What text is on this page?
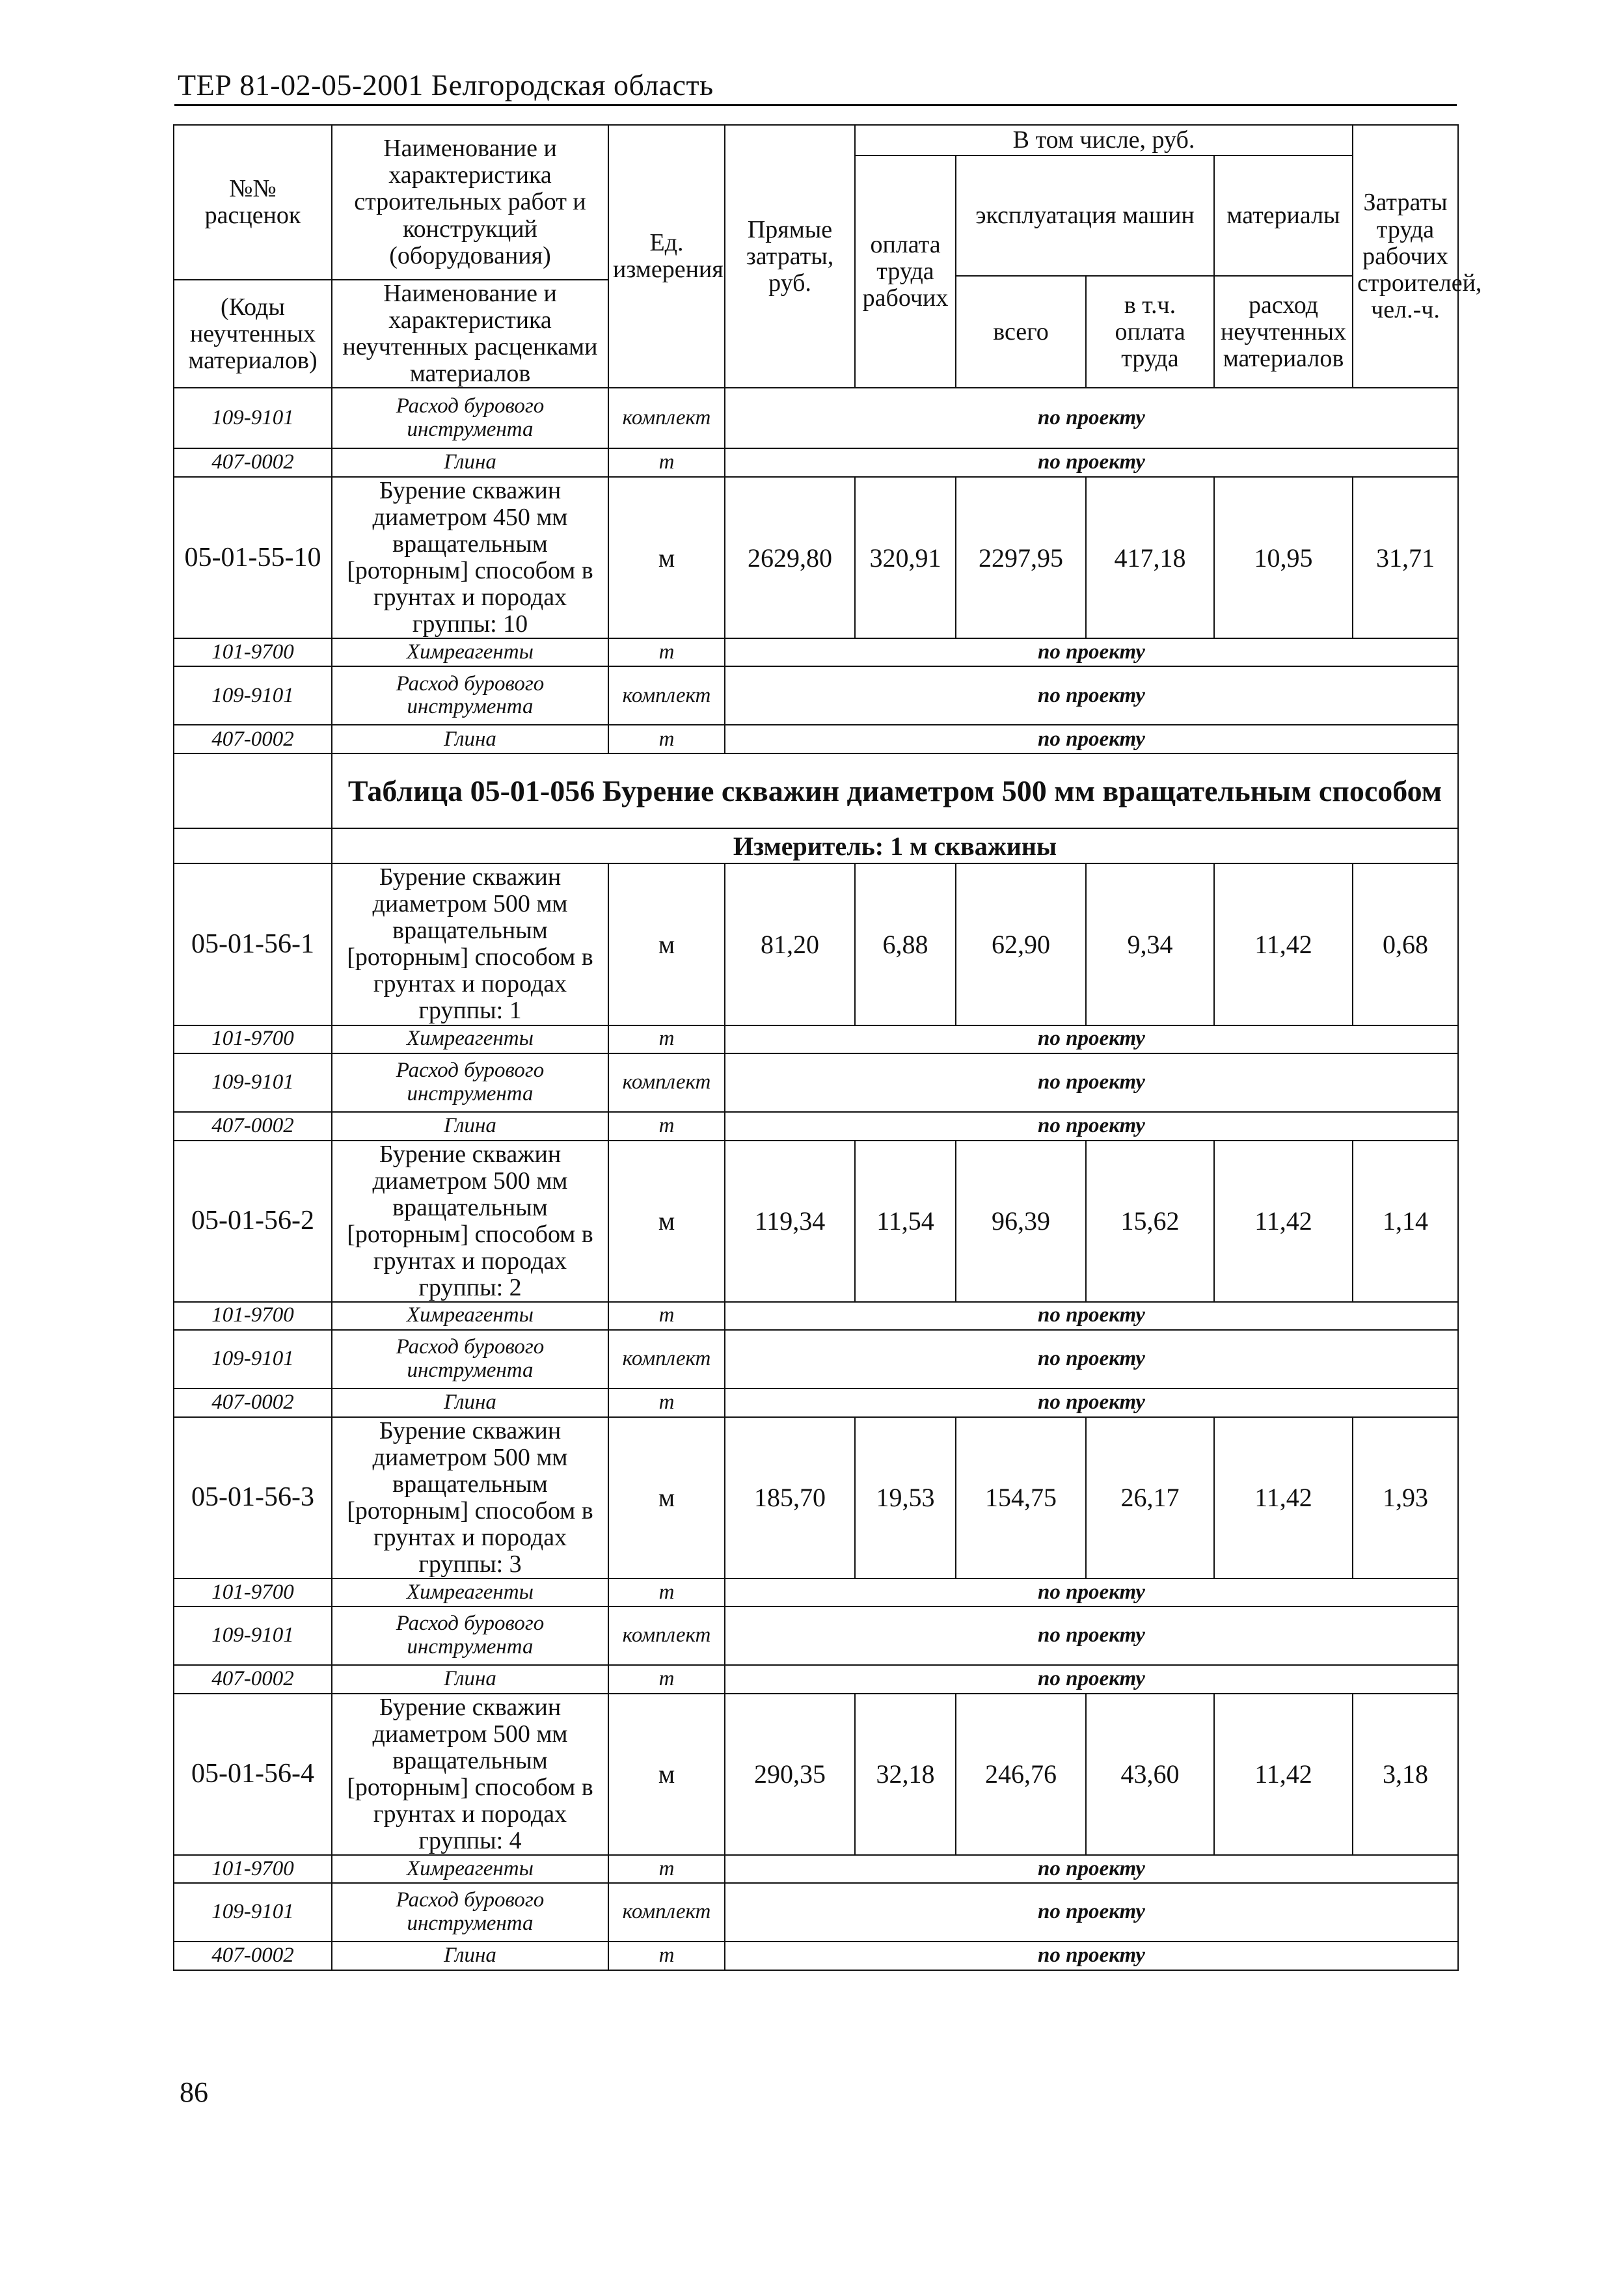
ТЕР 81-02-05-2001 Белгородская область
№№ расценок	Наименование и характеристика строительных работ и конструкций (оборудования)	Ед. измерения	Прямые затраты, руб.	В том числе, руб.				Затраты труда рабочих строителей, чел.-ч.
				оплата труда рабочих	эксплуатация машин		материалы	
					всего	в т.ч. оплата труда	расход неучтенных материалов	
(Коды неучтенных материалов)	Наименование и характеристика неучтенных расценками материалов							

109-9101	Расход бурового инструмента	комплект	по проекту					
407-0002	Глина	т	по проекту					
05-01-55-10	Бурение скважин диаметром 450 мм вращательным [роторным] способом в грунтах и породах группы: 10	м	2629,80	320,91	2297,95	417,18	10,95	31,71
101-9700	Химреагенты	т	по проекту					
109-9101	Расход бурового инструмента	комплект	по проекту					
407-0002	Глина	т	по проекту					
	Таблица 05-01-056 Бурение скважин диаметром 500 мм вращательным способом							
	Измеритель: 1 м скважины							
05-01-56-1	Бурение скважин диаметром 500 мм вращательным [роторным] способом в грунтах и породах группы: 1	м	81,20	6,88	62,90	9,34	11,42	0,68
101-9700	Химреагенты	т	по проекту					
109-9101	Расход бурового инструмента	комплект	по проекту					
407-0002	Глина	т	по проекту					
05-01-56-2	Бурение скважин диаметром 500 мм вращательным [роторным] способом в грунтах и породах группы: 2	м	119,34	11,54	96,39	15,62	11,42	1,14
101-9700	Химреагенты	т	по проекту					
109-9101	Расход бурового инструмента	комплект	по проекту					
407-0002	Глина	т	по проекту					
05-01-56-3	Бурение скважин диаметром 500 мм вращательным [роторным] способом в грунтах и породах группы: 3	м	185,70	19,53	154,75	26,17	11,42	1,93
101-9700	Химреагенты	т	по проекту					
109-9101	Расход бурового инструмента	комплект	по проекту					
407-0002	Глина	т	по проекту					
05-01-56-4	Бурение скважин диаметром 500 мм вращательным [роторным] способом в грунтах и породах группы: 4	м	290,35	32,18	246,76	43,60	11,42	3,18
101-9700	Химреагенты	т	по проекту					
109-9101	Расход бурового инструмента	комплект	по проекту					
407-0002	Глина	т	по проекту					
86
